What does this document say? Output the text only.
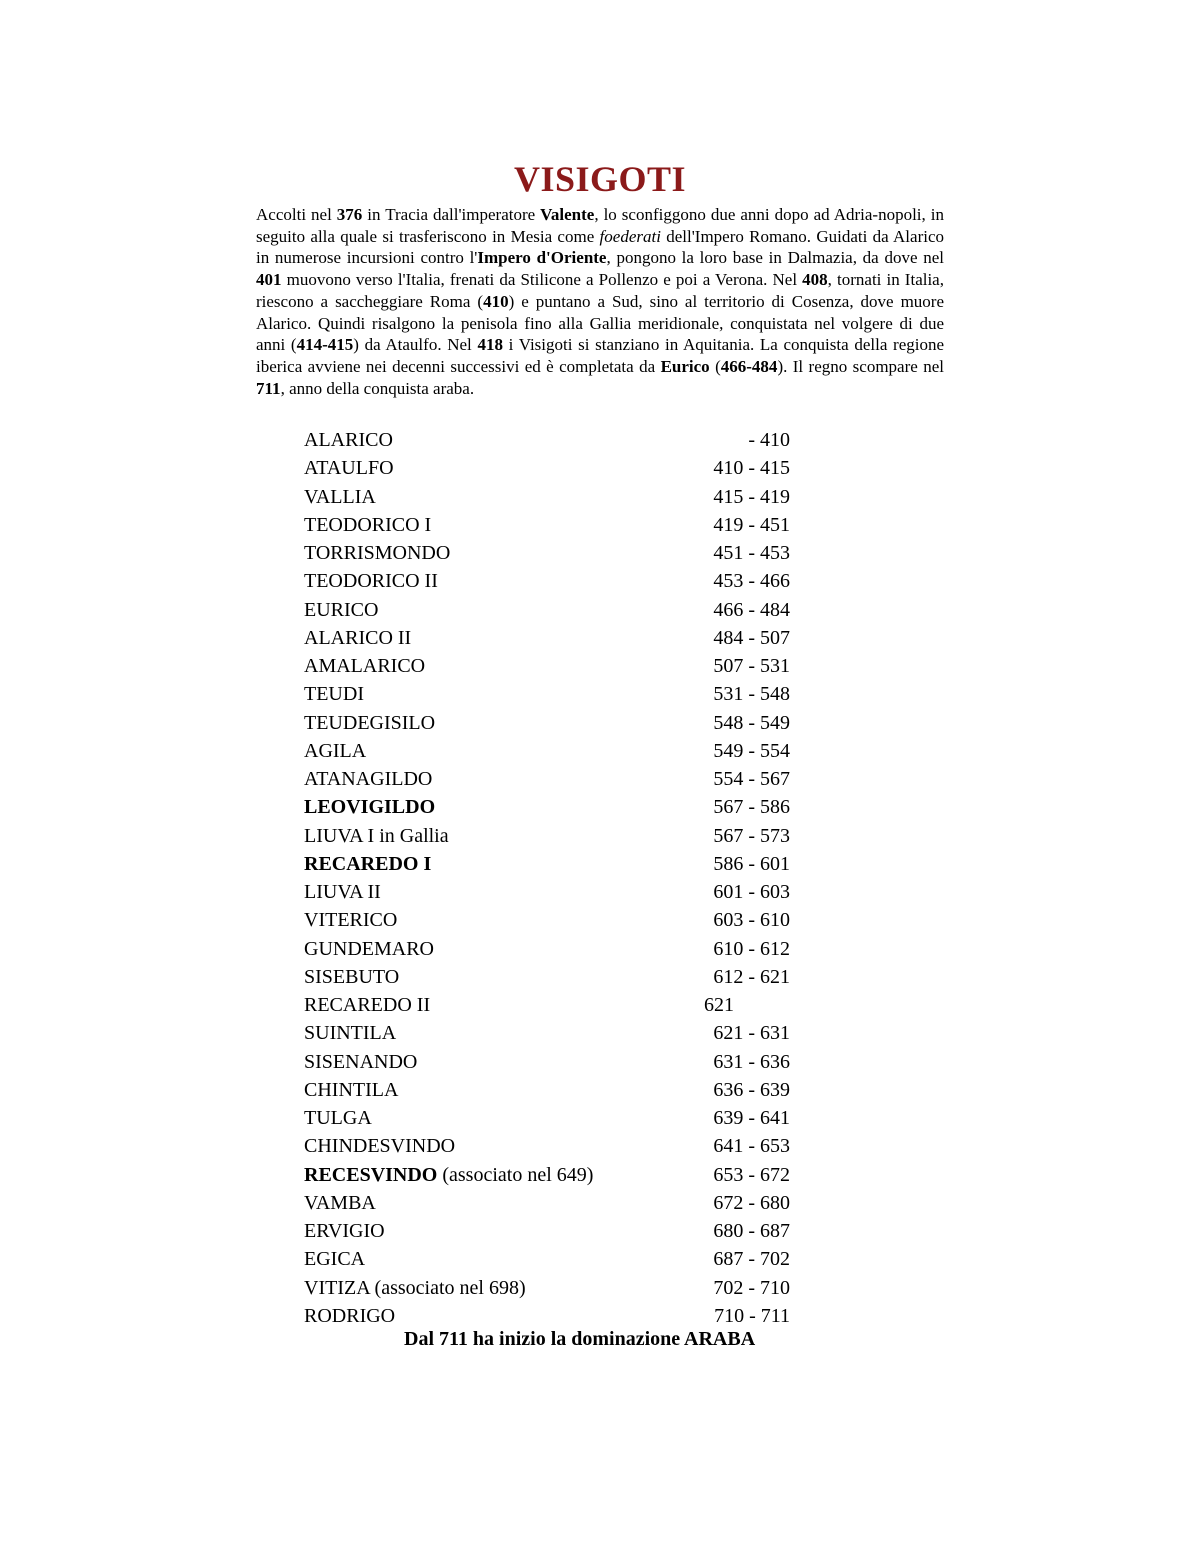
VISIGOTI
Accolti nel 376 in Tracia dall'imperatore Valente, lo sconfiggono due anni dopo ad Adria-nopoli, in seguito alla quale si trasferiscono in Mesia come foederati dell'Impero Romano. Guidati da Alarico in numerose incursioni contro l'Impero d'Oriente, pongono la loro base in Dalmazia, da dove nel 401 muovono verso l'Italia, frenati da Stilicone a Pollenzo e poi a Verona. Nel 408, tornati in Italia, riescono a saccheggiare Roma (410) e puntano a Sud, sino al territorio di Cosenza, dove muore Alarico. Quindi risalgono la penisola fino alla Gallia meridionale, conquistata nel volgere di due anni (414-415) da Ataulfo. Nel 418 i Visigoti si stanziano in Aquitania. La conquista della regione iberica avviene nei decenni successivi ed è completata da Eurico (466-484). Il regno scompare nel 711, anno della conquista araba.
ALARICO	- 410
ATAULFO	410 - 415
VALLIA	415 - 419
TEODORICO I	419 - 451
TORRISMONDO	451 - 453
TEODORICO II	453 - 466
EURICO	466 - 484
ALARICO II	484 - 507
AMALARICO	507 - 531
TEUDI	531 - 548
TEUDEGISILO	548 - 549
AGILA	549 - 554
ATANAGILDO	554 - 567
LEOVIGILDO	567 - 586
LIUVA I in Gallia	567 - 573
RECAREDO I	586 - 601
LIUVA II	601 - 603
VITERICO	603 - 610
GUNDEMARO	610 - 612
SISEBUTO	612 - 621
RECAREDO II	621
SUINTILA	621 - 631
SISENANDO	631 - 636
CHINTILA	636 - 639
TULGA	639 - 641
CHINDESVINDO	641 - 653
RECESVINDO (associato nel 649)	653 - 672
VAMBA	672 - 680
ERVIGIO	680 - 687
EGICA	687 - 702
VITIZA (associato nel 698)	702 - 710
RODRIGO	710 - 711
Dal 711 ha inizio la dominazione ARABA
